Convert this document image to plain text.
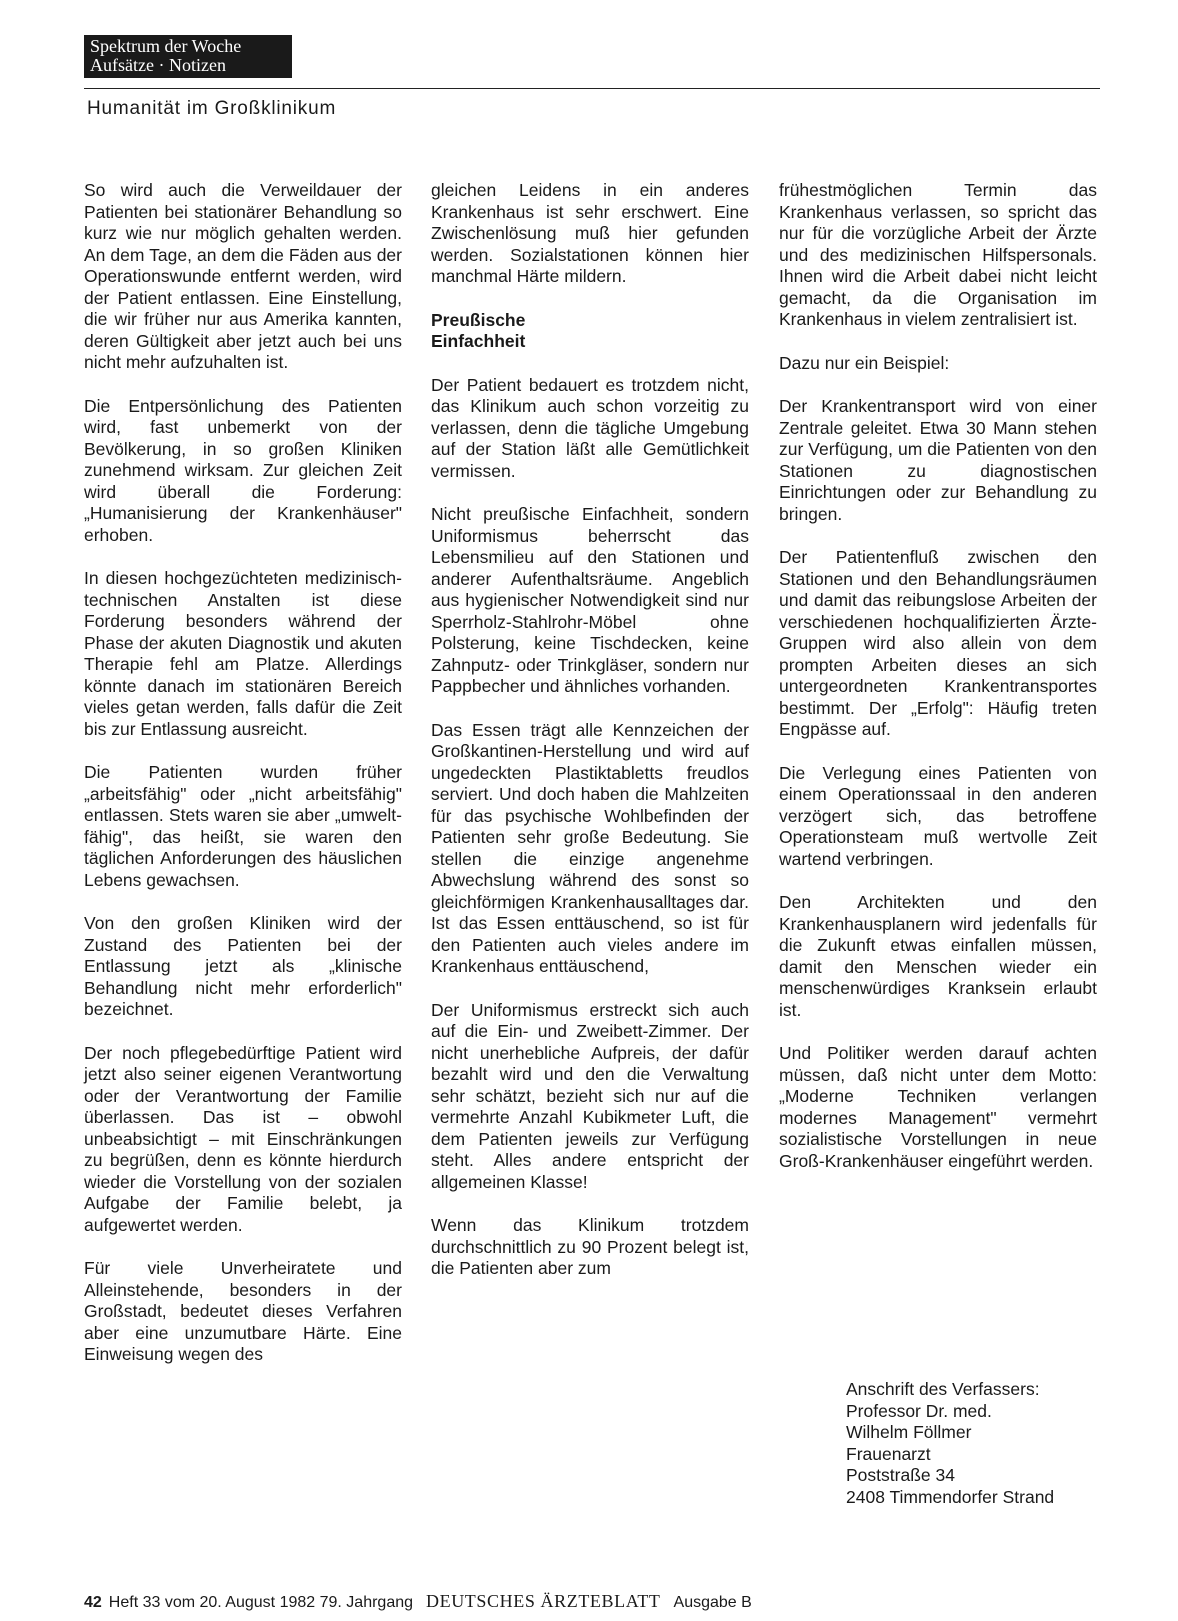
Spektrum der Woche
Aufsätze · Notizen
Humanität im Großklinikum

So wird auch die Verweildauer der Patienten bei stationärer Behandlung so kurz wie nur möglich gehalten werden. An dem Tage, an dem die Fäden aus der Operationswunde entfernt werden, wird der Patient entlassen. Eine Einstellung, die wir früher nur aus Amerika kannten, deren Gültigkeit aber jetzt auch bei uns nicht mehr aufzuhalten ist.

Die Entpersönlichung des Patienten wird, fast unbemerkt von der Bevölkerung, in so großen Kliniken zunehmend wirksam. Zur gleichen Zeit wird überall die Forderung: „Humanisierung der Krankenhäuser" erhoben.

In diesen hochgezüchteten medizinisch-technischen Anstalten ist diese Forderung besonders während der Phase der akuten Diagnostik und akuten Therapie fehl am Platze. Allerdings könnte danach im stationären Bereich vieles getan werden, falls dafür die Zeit bis zur Entlassung ausreicht.

Die Patienten wurden früher „arbeitsfähig" oder „nicht arbeitsfähig" entlassen. Stets waren sie aber „umwelt-fähig", das heißt, sie waren den täglichen Anforderungen des häuslichen Lebens gewachsen.

Von den großen Kliniken wird der Zustand des Patienten bei der Entlassung jetzt als „klinische Behandlung nicht mehr erforderlich" bezeichnet.

Der noch pflegebedürftige Patient wird jetzt also seiner eigenen Verantwortung oder der Verantwortung der Familie überlassen. Das ist – obwohl unbeabsichtigt – mit Einschränkungen zu begrüßen, denn es könnte hierdurch wieder die Vorstellung von der sozialen Aufgabe der Familie belebt, ja aufgewertet werden.

Für viele Unverheiratete und Alleinstehende, besonders in der Großstadt, bedeutet dieses Verfahren aber eine unzumutbare Härte. Eine Einweisung wegen des

gleichen Leidens in ein anderes Krankenhaus ist sehr erschwert. Eine Zwischenlösung muß hier gefunden werden. Sozialstationen können hier manchmal Härte mildern.

Preußische
Einfachheit

Der Patient bedauert es trotzdem nicht, das Klinikum auch schon vorzeitig zu verlassen, denn die tägliche Umgebung auf der Station läßt alle Gemütlichkeit vermissen.

Nicht preußische Einfachheit, sondern Uniformismus beherrscht das Lebensmilieu auf den Stationen und anderer Aufenthaltsräume. Angeblich aus hygienischer Notwendigkeit sind nur Sperrholz-Stahlrohr-Möbel ohne Polsterung, keine Tischdecken, keine Zahnputz- oder Trinkgläser, sondern nur Pappbecher und ähnliches vorhanden.

Das Essen trägt alle Kennzeichen der Großkantinen-Herstellung und wird auf ungedeckten Plastiktabletts freudlos serviert. Und doch haben die Mahlzeiten für das psychische Wohlbefinden der Patienten sehr große Bedeutung. Sie stellen die einzige angenehme Abwechslung während des sonst so gleichförmigen Krankenhausalltages dar. Ist das Essen enttäuschend, so ist für den Patienten auch vieles andere im Krankenhaus enttäuschend,

Der Uniformismus erstreckt sich auch auf die Ein- und Zweibett-Zimmer. Der nicht unerhebliche Aufpreis, der dafür bezahlt wird und den die Verwaltung sehr schätzt, bezieht sich nur auf die vermehrte Anzahl Kubikmeter Luft, die dem Patienten jeweils zur Verfügung steht. Alles andere entspricht der allgemeinen Klasse!

Wenn das Klinikum trotzdem durchschnittlich zu 90 Prozent belegt ist, die Patienten aber zum

frühestmöglichen Termin das Krankenhaus verlassen, so spricht das nur für die vorzügliche Arbeit der Ärzte und des medizinischen Hilfspersonals. Ihnen wird die Arbeit dabei nicht leicht gemacht, da die Organisation im Krankenhaus in vielem zentralisiert ist.

Dazu nur ein Beispiel:

Der Krankentransport wird von einer Zentrale geleitet. Etwa 30 Mann stehen zur Verfügung, um die Patienten von den Stationen zu diagnostischen Einrichtungen oder zur Behandlung zu bringen.

Der Patientenfluß zwischen den Stationen und den Behandlungsräumen und damit das reibungslose Arbeiten der verschiedenen hochqualifizierten Ärzte-Gruppen wird also allein von dem prompten Arbeiten dieses an sich untergeordneten Krankentransportes bestimmt. Der „Erfolg": Häufig treten Engpässe auf.

Die Verlegung eines Patienten von einem Operationssaal in den anderen verzögert sich, das betroffene Operationsteam muß wertvolle Zeit wartend verbringen.

Den Architekten und den Krankenhausplanern wird jedenfalls für die Zukunft etwas einfallen müssen, damit den Menschen wieder ein menschenwürdiges Kranksein erlaubt ist.

Und Politiker werden darauf achten müssen, daß nicht unter dem Motto: „Moderne Techniken verlangen modernes Management" vermehrt sozialistische Vorstellungen in neue Groß-Krankenhäuser eingeführt werden.

Anschrift des Verfassers:
Professor Dr. med.
Wilhelm Föllmer
Frauenarzt
Poststraße 34
2408 Timmendorfer Strand
42 Heft 33 vom 20. August 1982 79. Jahrgang DEUTSCHES ÄRZTEBLATT Ausgabe B
